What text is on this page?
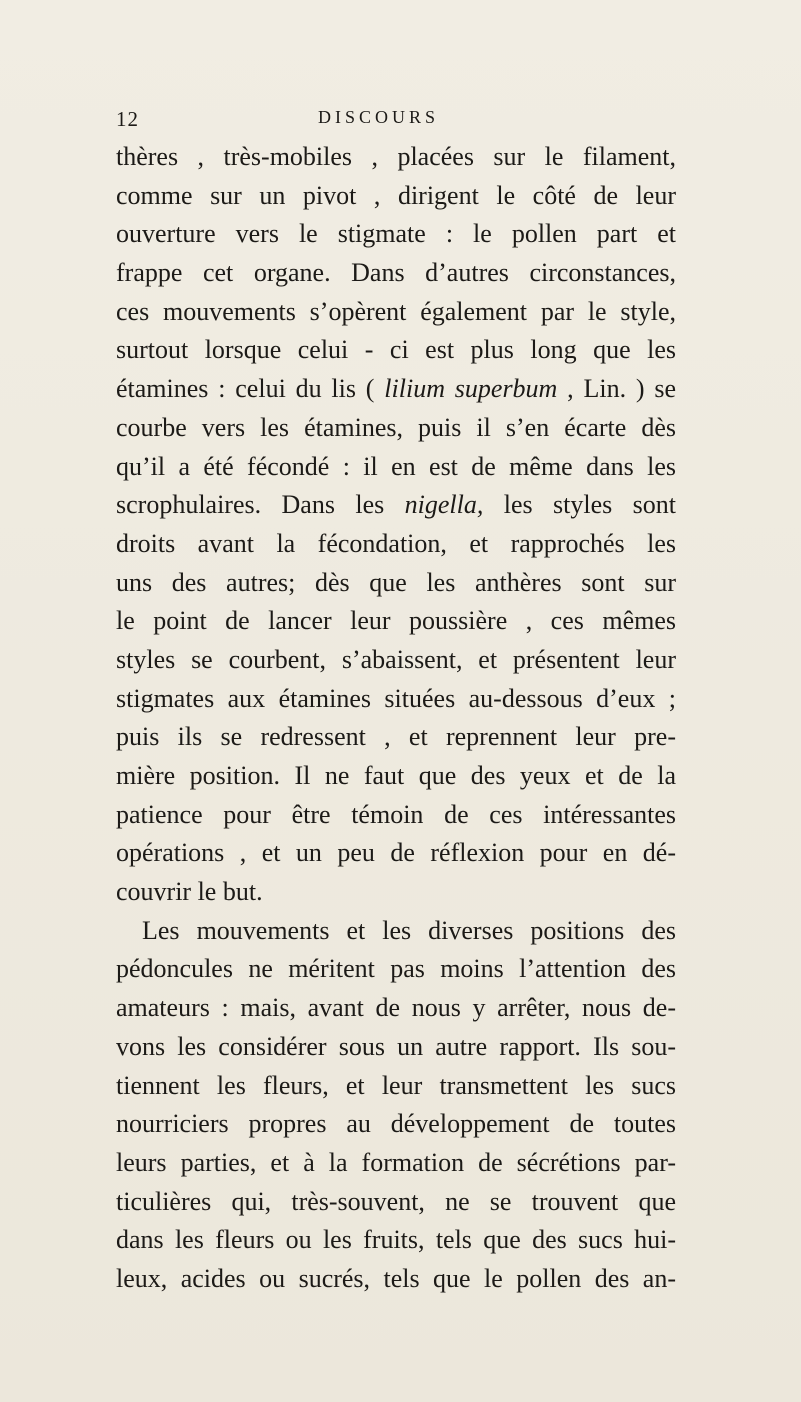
12	DISCOURS
thères , très-mobiles , placées sur le filament,
comme sur un pivot , dirigent le côté de leur
ouverture vers le stigmate : le pollen part et
frappe cet organe. Dans d’autres circonstances,
ces mouvements s’opèrent également par le style,
surtout lorsque celui - ci est plus long que les
étamines : celui du lis ( lilium superbum , Lin. ) se
courbe vers les étamines, puis il s’en écarte dès
qu’il a été fécondé : il en est de même dans les
scrophulaires. Dans les nigella, les styles sont
droits avant la fécondation, et rapprochés les
uns des autres; dès que les anthères sont sur
le point de lancer leur poussière , ces mêmes
styles se courbent, s’abaissent, et présentent leur
stigmates aux étamines situées au-dessous d’eux ;
puis ils se redressent , et reprennent leur pre-
mière position. Il ne faut que des yeux et de la
patience pour être témoin de ces intéressantes
opérations , et un peu de réflexion pour en dé-
couvrir le but.
Les mouvements et les diverses positions des
pédoncules ne méritent pas moins l’attention des
amateurs : mais, avant de nous y arrêter, nous de-
vons les considérer sous un autre rapport. Ils sou-
tiennent les fleurs, et leur transmettent les sucs
nourriciers propres au développement de toutes
leurs parties, et à la formation de sécrétions par-
ticulières qui, très-souvent, ne se trouvent que
dans les fleurs ou les fruits, tels que des sucs hui-
leux, acides ou sucrés, tels que le pollen des an-
